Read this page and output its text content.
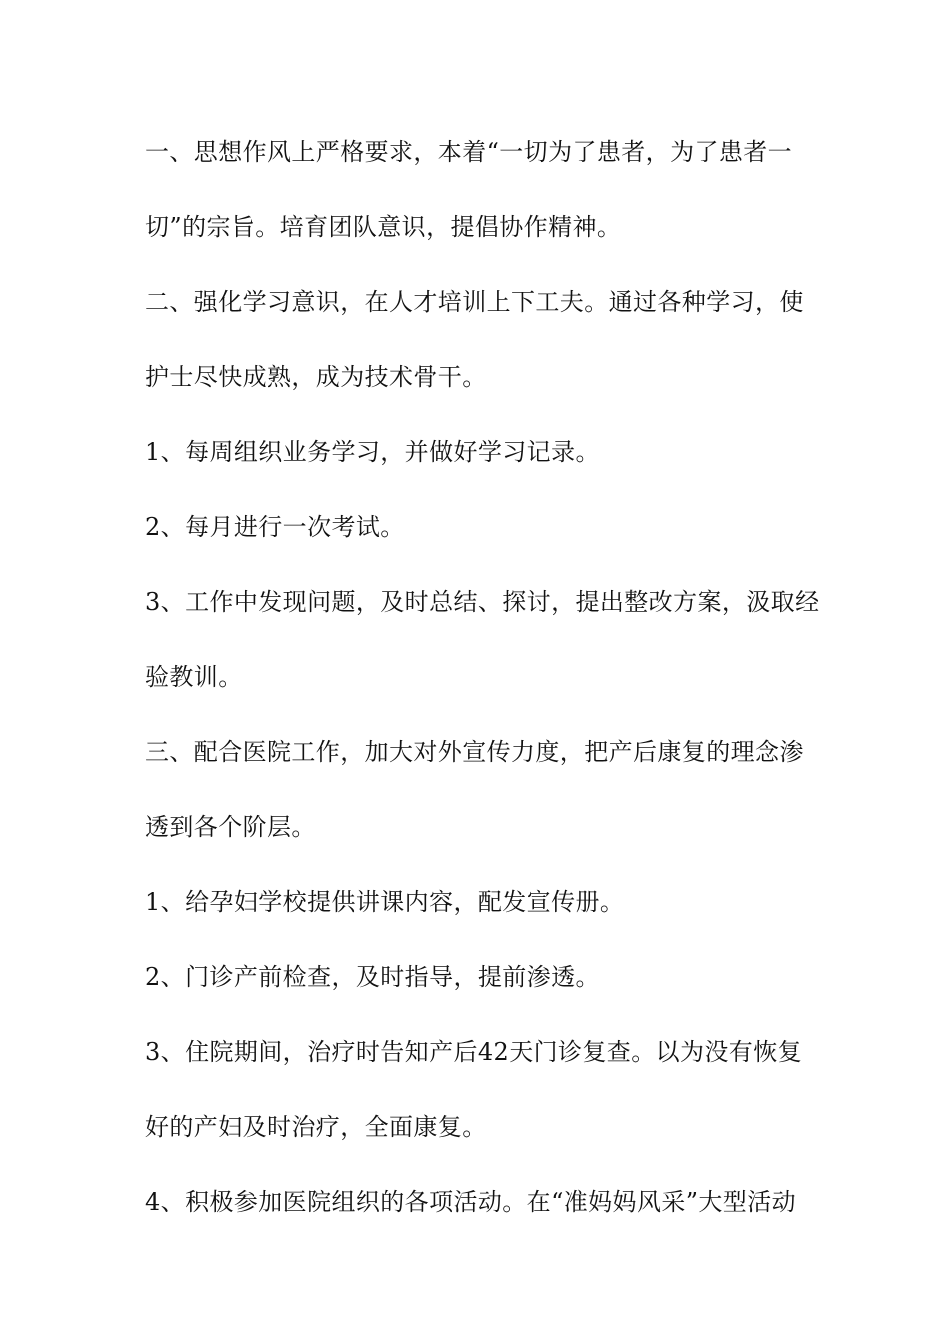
一、思想作风上严格要求，本着“一切为了患者，为了患者一
切”的宗旨。培育团队意识，提倡协作精神。
二、强化学习意识，在人才培训上下工夫。通过各种学习，使
护士尽快成熟，成为技术骨干。
1、每周组织业务学习，并做好学习记录。
2、每月进行一次考试。
3、工作中发现问题，及时总结、探讨，提出整改方案，汲取经
验教训。
三、配合医院工作，加大对外宣传力度，把产后康复的理念渗
透到各个阶层。
1、给孕妇学校提供讲课内容，配发宣传册。
2、门诊产前检查，及时指导，提前渗透。
3、住院期间，治疗时告知产后42天门诊复查。以为没有恢复
好的产妇及时治疗，全面康复。
4、积极参加医院组织的各项活动。在“准妈妈风采”大型活动
